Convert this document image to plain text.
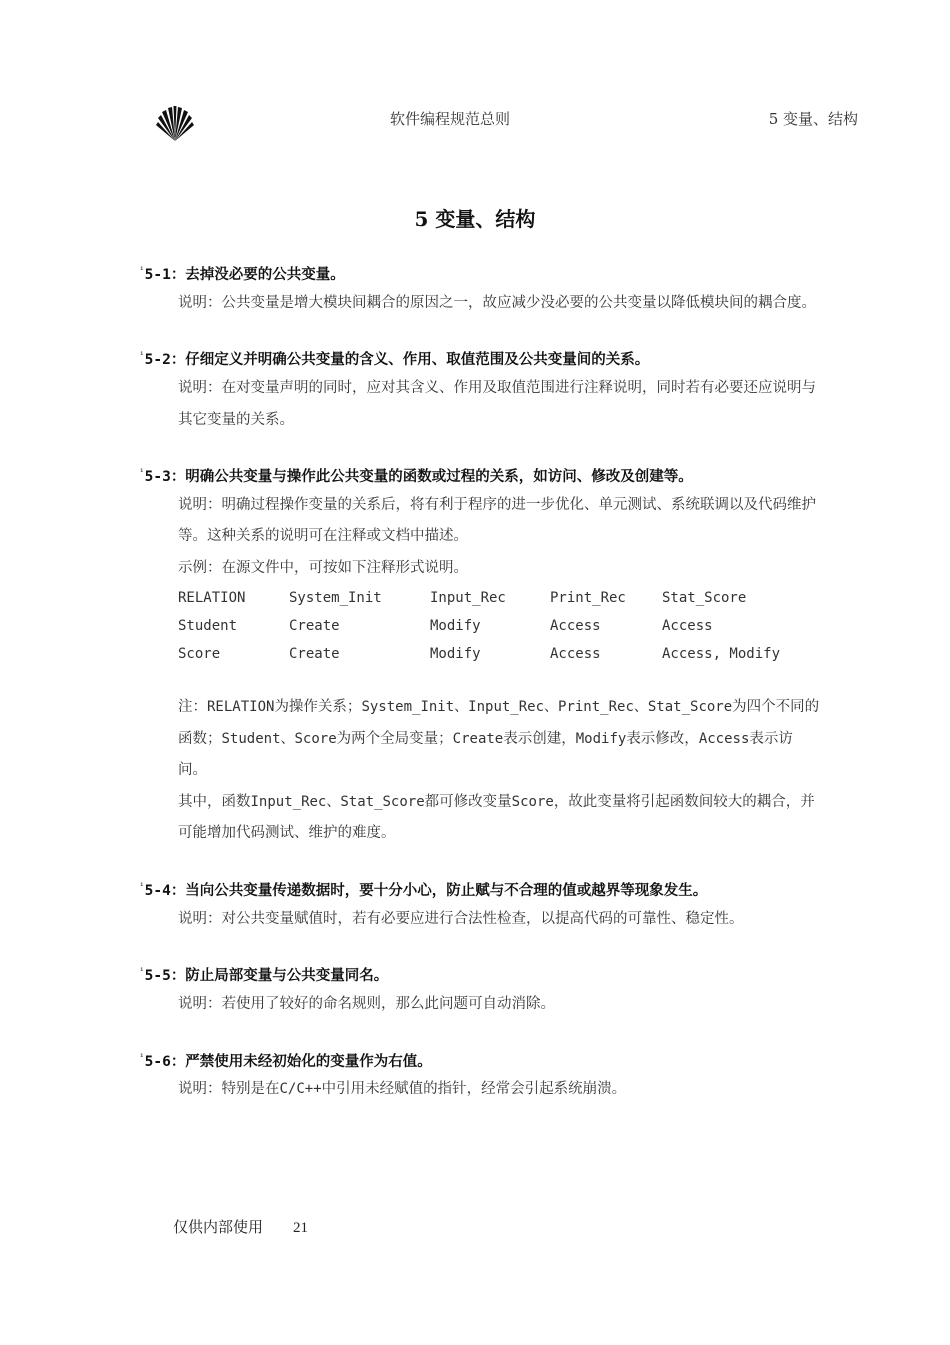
软件编程规范总则	5 变量、结构
5 变量、结构
$^{^1}$5-1：去掉没必要的公共变量。
说明：公共变量是增大模块间耦合的原因之一，故应减少没必要的公共变量以降低模块间的耦合度。
$^{^1}$5-2：仔细定义并明确公共变量的含义、作用、取值范围及公共变量间的关系。
说明：在对变量声明的同时，应对其含义、作用及取值范围进行注释说明，同时若有必要还应说明与其它变量的关系。
$^{^1}$5-3：明确公共变量与操作此公共变量的函数或过程的关系，如访问、修改及创建等。
说明：明确过程操作变量的关系后，将有利于程序的进一步优化、单元测试、系统联调以及代码维护等。这种关系的说明可在注释或文档中描述。
示例：在源文件中，可按如下注释形式说明。
RELATION	System_Init	Input_Rec	Print_Rec	Stat_Score
Student	Create	Modify	Access	Access
Score	Create	Modify	Access	Access, Modify
注：RELATION为操作关系；System_Init、Input_Rec、Print_Rec、Stat_Score为四个不同的函数；Student、Score为两个全局变量；Create表示创建，Modify表示修改，Access表示访问。
其中，函数Input_Rec、Stat_Score都可修改变量Score，故此变量将引起函数间较大的耦合，并可能增加代码测试、维护的难度。
$^{^1}$5-4：当向公共变量传递数据时，要十分小心，防止赋与不合理的值或越界等现象发生。
说明：对公共变量赋值时，若有必要应进行合法性检查，以提高代码的可靠性、稳定性。
$^{^1}$5-5：防止局部变量与公共变量同名。
说明：若使用了较好的命名规则，那么此问题可自动消除。
$^{^1}$5-6：严禁使用未经初始化的变量作为右值。
说明：特别是在C/C++中引用未经赋值的指针，经常会引起系统崩溃。
仅供内部使用 21
